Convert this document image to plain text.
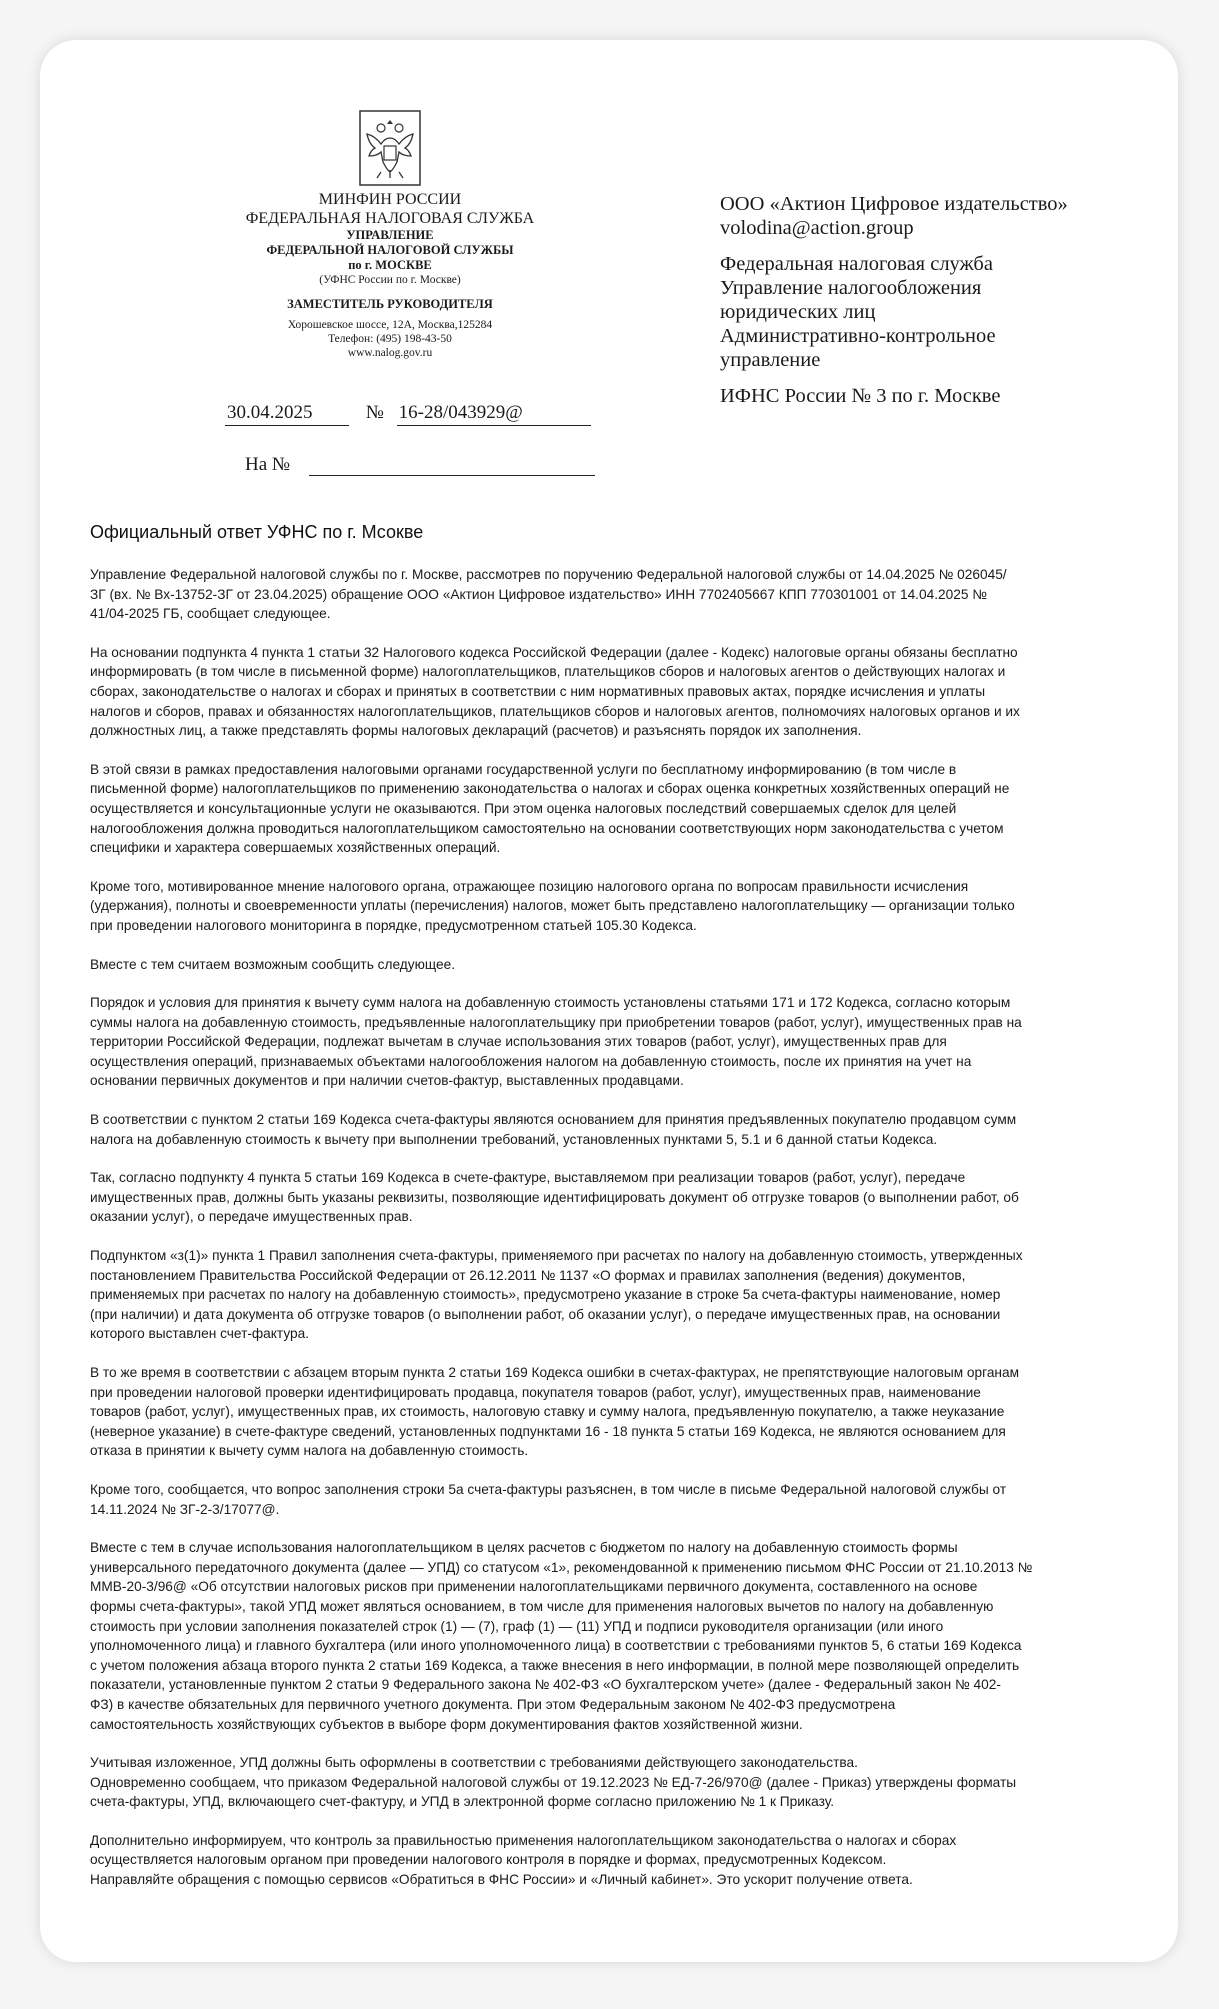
МИНФИН РОССИИ
ФЕДЕРАЛЬНАЯ НАЛОГОВАЯ СЛУЖБА
УПРАВЛЕНИЕ
ФЕДЕРАЛЬНОЙ НАЛОГОВОЙ СЛУЖБЫ
по г. МОСКВЕ
(УФНС России по г. Москве)
ЗАМЕСТИТЕЛЬ РУКОВОДИТЕЛЯ
Хорошевское шоссе, 12А, Москва,125284
Телефон: (495) 198-43-50
www.nalog.gov.ru
30.04.2025	№ 16-28/043929@
На №

ООО «Актион Цифровое издательство»
volodina@action.group

Федеральная налоговая служба
Управление налогообложения
юридических лиц
Административно-контрольное
управление

ИФНС России № 3 по г. Москве

Официальный ответ УФНС по г. Мсокве

Управление Федеральной налоговой службы по г. Москве, рассмотрев по поручению Федеральной налоговой службы от 14.04.2025 № 026045/
ЗГ (вх. № Вх-13752-ЗГ от 23.04.2025) обращение ООО «Актион Цифровое издательство» ИНН 7702405667 КПП 770301001 от 14.04.2025 №
41/04-2025 ГБ, сообщает следующее.

На основании подпункта 4 пункта 1 статьи 32 Налогового кодекса Российской Федерации (далее - Кодекс) налоговые органы обязаны бесплатно
информировать (в том числе в письменной форме) налогоплательщиков, плательщиков сборов и налоговых агентов о действующих налогах и
сборах, законодательстве о налогах и сборах и принятых в соответствии с ним нормативных правовых актах, порядке исчисления и уплаты
налогов и сборов, правах и обязанностях налогоплательщиков, плательщиков сборов и налоговых агентов, полномочиях налоговых органов и их
должностных лиц, а также представлять формы налоговых деклараций (расчетов) и разъяснять порядок их заполнения.

В этой связи в рамках предоставления налоговыми органами государственной услуги по бесплатному информированию (в том числе в
письменной форме) налогоплательщиков по применению законодательства о налогах и сборах оценка конкретных хозяйственных операций не
осуществляется и консультационные услуги не оказываются. При этом оценка налоговых последствий совершаемых сделок для целей
налогообложения должна проводиться налогоплательщиком самостоятельно на основании соответствующих норм законодательства с учетом
специфики и характера совершаемых хозяйственных операций.

Кроме того, мотивированное мнение налогового органа, отражающее позицию налогового органа по вопросам правильности исчисления
(удержания), полноты и своевременности уплаты (перечисления) налогов, может быть представлено налогоплательщику — организации только
при проведении налогового мониторинга в порядке, предусмотренном статьей 105.30 Кодекса.

Вместе с тем считаем возможным сообщить следующее.

Порядок и условия для принятия к вычету сумм налога на добавленную стоимость установлены статьями 171 и 172 Кодекса, согласно которым
суммы налога на добавленную стоимость, предъявленные налогоплательщику при приобретении товаров (работ, услуг), имущественных прав на
территории Российской Федерации, подлежат вычетам в случае использования этих товаров (работ, услуг), имущественных прав для
осуществления операций, признаваемых объектами налогообложения налогом на добавленную стоимость, после их принятия на учет на
основании первичных документов и при наличии счетов-фактур, выставленных продавцами.

В соответствии с пунктом 2 статьи 169 Кодекса счета-фактуры являются основанием для принятия предъявленных покупателю продавцом сумм
налога на добавленную стоимость к вычету при выполнении требований, установленных пунктами 5, 5.1 и 6 данной статьи Кодекса.

Так, согласно подпункту 4 пункта 5 статьи 169 Кодекса в счете-фактуре, выставляемом при реализации товаров (работ, услуг), передаче
имущественных прав, должны быть указаны реквизиты, позволяющие идентифицировать документ об отгрузке товаров (о выполнении работ, об
оказании услуг), о передаче имущественных прав.

Подпунктом «з(1)» пункта 1 Правил заполнения счета-фактуры, применяемого при расчетах по налогу на добавленную стоимость, утвержденных
постановлением Правительства Российской Федерации от 26.12.2011 № 1137 «О формах и правилах заполнения (ведения) документов,
применяемых при расчетах по налогу на добавленную стоимость», предусмотрено указание в строке 5а счета-фактуры наименование, номер
(при наличии) и дата документа об отгрузке товаров (о выполнении работ, об оказании услуг), о передаче имущественных прав, на основании
которого выставлен счет-фактура.

В то же время в соответствии с абзацем вторым пункта 2 статьи 169 Кодекса ошибки в счетах-фактурах, не препятствующие налоговым органам
при проведении налоговой проверки идентифицировать продавца, покупателя товаров (работ, услуг), имущественных прав, наименование
товаров (работ, услуг), имущественных прав, их стоимость, налоговую ставку и сумму налога, предъявленную покупателю, а также неуказание
(неверное указание) в счете-фактуре сведений, установленных подпунктами 16 - 18 пункта 5 статьи 169 Кодекса, не являются основанием для
отказа в принятии к вычету сумм налога на добавленную стоимость.

Кроме того, сообщается, что вопрос заполнения строки 5а счета-фактуры разъяснен, в том числе в письме Федеральной налоговой службы от
14.11.2024 № ЗГ-2-3/17077@.

Вместе с тем в случае использования налогоплательщиком в целях расчетов с бюджетом по налогу на добавленную стоимость формы
универсального передаточного документа (далее — УПД) со статусом «1», рекомендованной к применению письмом ФНС России от 21.10.2013 №
ММВ-20-3/96@ «Об отсутствии налоговых рисков при применении налогоплательщиками первичного документа, составленного на основе
формы счета-фактуры», такой УПД может являться основанием, в том числе для применения налоговых вычетов по налогу на добавленную
стоимость при условии заполнения показателей строк (1) — (7), граф (1) — (11) УПД и подписи руководителя организации (или иного
уполномоченного лица) и главного бухгалтера (или иного уполномоченного лица) в соответствии с требованиями пунктов 5, 6 статьи 169 Кодекса
с учетом положения абзаца второго пункта 2 статьи 169 Кодекса, а также внесения в него информации, в полной мере позволяющей определить
показатели, установленные пунктом 2 статьи 9 Федерального закона № 402-ФЗ «О бухгалтерском учете» (далее - Федеральный закон № 402-
ФЗ) в качестве обязательных для первичного учетного документа. При этом Федеральным законом № 402-ФЗ предусмотрена
самостоятельность хозяйствующих субъектов в выборе форм документирования фактов хозяйственной жизни.

Учитывая изложенное, УПД должны быть оформлены в соответствии с требованиями действующего законодательства.
Одновременно сообщаем, что приказом Федеральной налоговой службы от 19.12.2023 № ЕД-7-26/970@ (далее - Приказ) утверждены форматы
счета-фактуры, УПД, включающего счет-фактуру, и УПД в электронной форме согласно приложению № 1 к Приказу.

Дополнительно информируем, что контроль за правильностью применения налогоплательщиком законодательства о налогах и сборах
осуществляется налоговым органом при проведении налогового контроля в порядке и формах, предусмотренных Кодексом.
Направляйте обращения с помощью сервисов «Обратиться в ФНС России» и «Личный кабинет». Это ускорит получение ответа.
